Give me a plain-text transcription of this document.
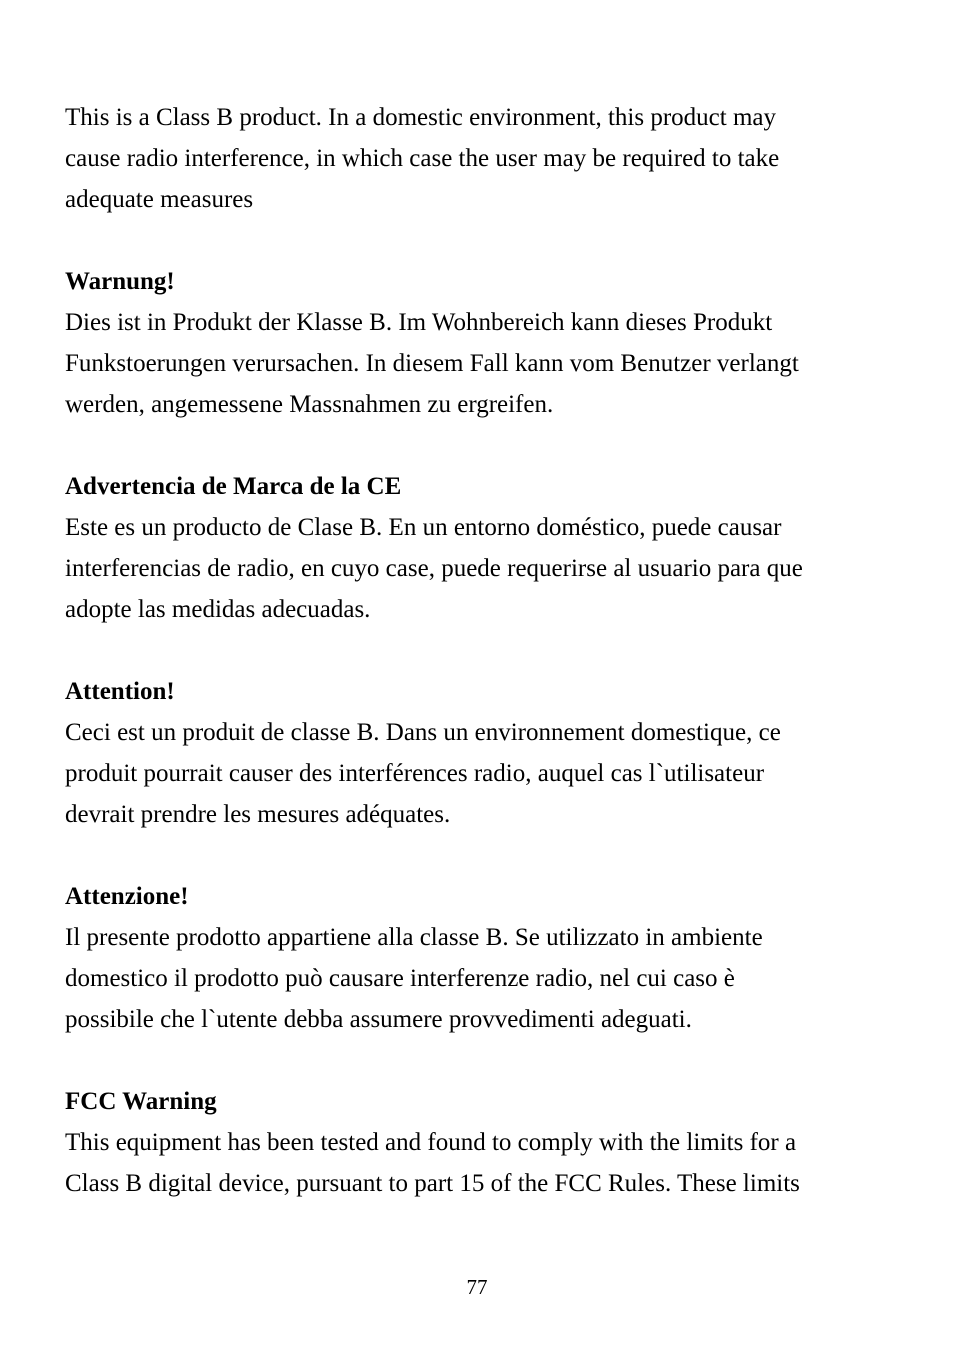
This is a Class B product. In a domestic environment, this product may
cause radio interference, in which case the user may be required to take
adequate measures
Warnung!
Dies ist in Produkt der Klasse B. Im Wohnbereich kann dieses Produkt
Funkstoerungen verursachen. In diesem Fall kann vom Benutzer verlangt
werden, angemessene Massnahmen zu ergreifen.
Advertencia de Marca de la CE
Este es un producto de Clase B. En un entorno doméstico, puede causar
interferencias de radio, en cuyo case, puede requerirse al usuario para que
adopte las medidas adecuadas.
Attention!
Ceci est un produit de classe B. Dans un environnement domestique, ce
produit pourrait causer des interférences radio, auquel cas l`utilisateur
devrait prendre les mesures adéquates.
Attenzione!
Il presente prodotto appartiene alla classe B. Se utilizzato in ambiente
domestico il prodotto può causare interferenze radio, nel cui caso è
possibile che l`utente debba assumere provvedimenti adeguati.
FCC Warning
This equipment has been tested and found to comply with the limits for a
Class B digital device, pursuant to part 15 of the FCC Rules. These limits
77
